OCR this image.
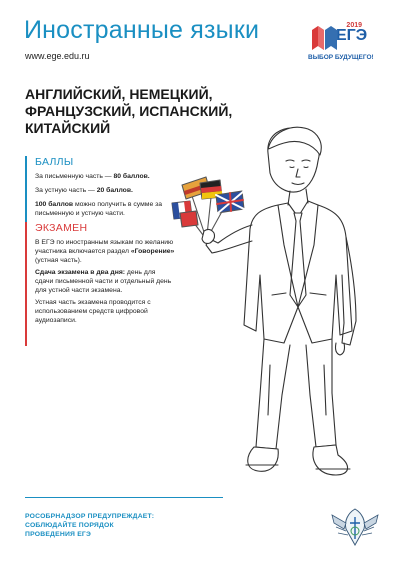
Иностранные языки
www.ege.edu.ru
2019
ЕГЭ
ВЫБОР БУДУЩЕГО!
АНГЛИЙСКИЙ, НЕМЕЦКИЙ,
ФРАНЦУЗСКИЙ, ИСПАНСКИЙ,
КИТАЙСКИЙ
БАЛЛЫ

За письменную часть — 80 баллов.

За устную часть — 20 баллов.

100 баллов можно получить в сумме за письменную и устную части.

ЭКЗАМЕН

В ЕГЭ по иностранным языкам по желанию участника включается раздел «Говорение» (устная часть).

Сдача экзамена в два дня: день для сдачи письменной части и отдельный день для устной части экзамена.

Устная часть экзамена проводится с использованием средств цифровой аудиозаписи.

РОСОБРНАДЗОР ПРЕДУПРЕЖДАЕТ:
СОБЛЮДАЙТЕ ПОРЯДОК
ПРОВЕДЕНИЯ ЕГЭ
